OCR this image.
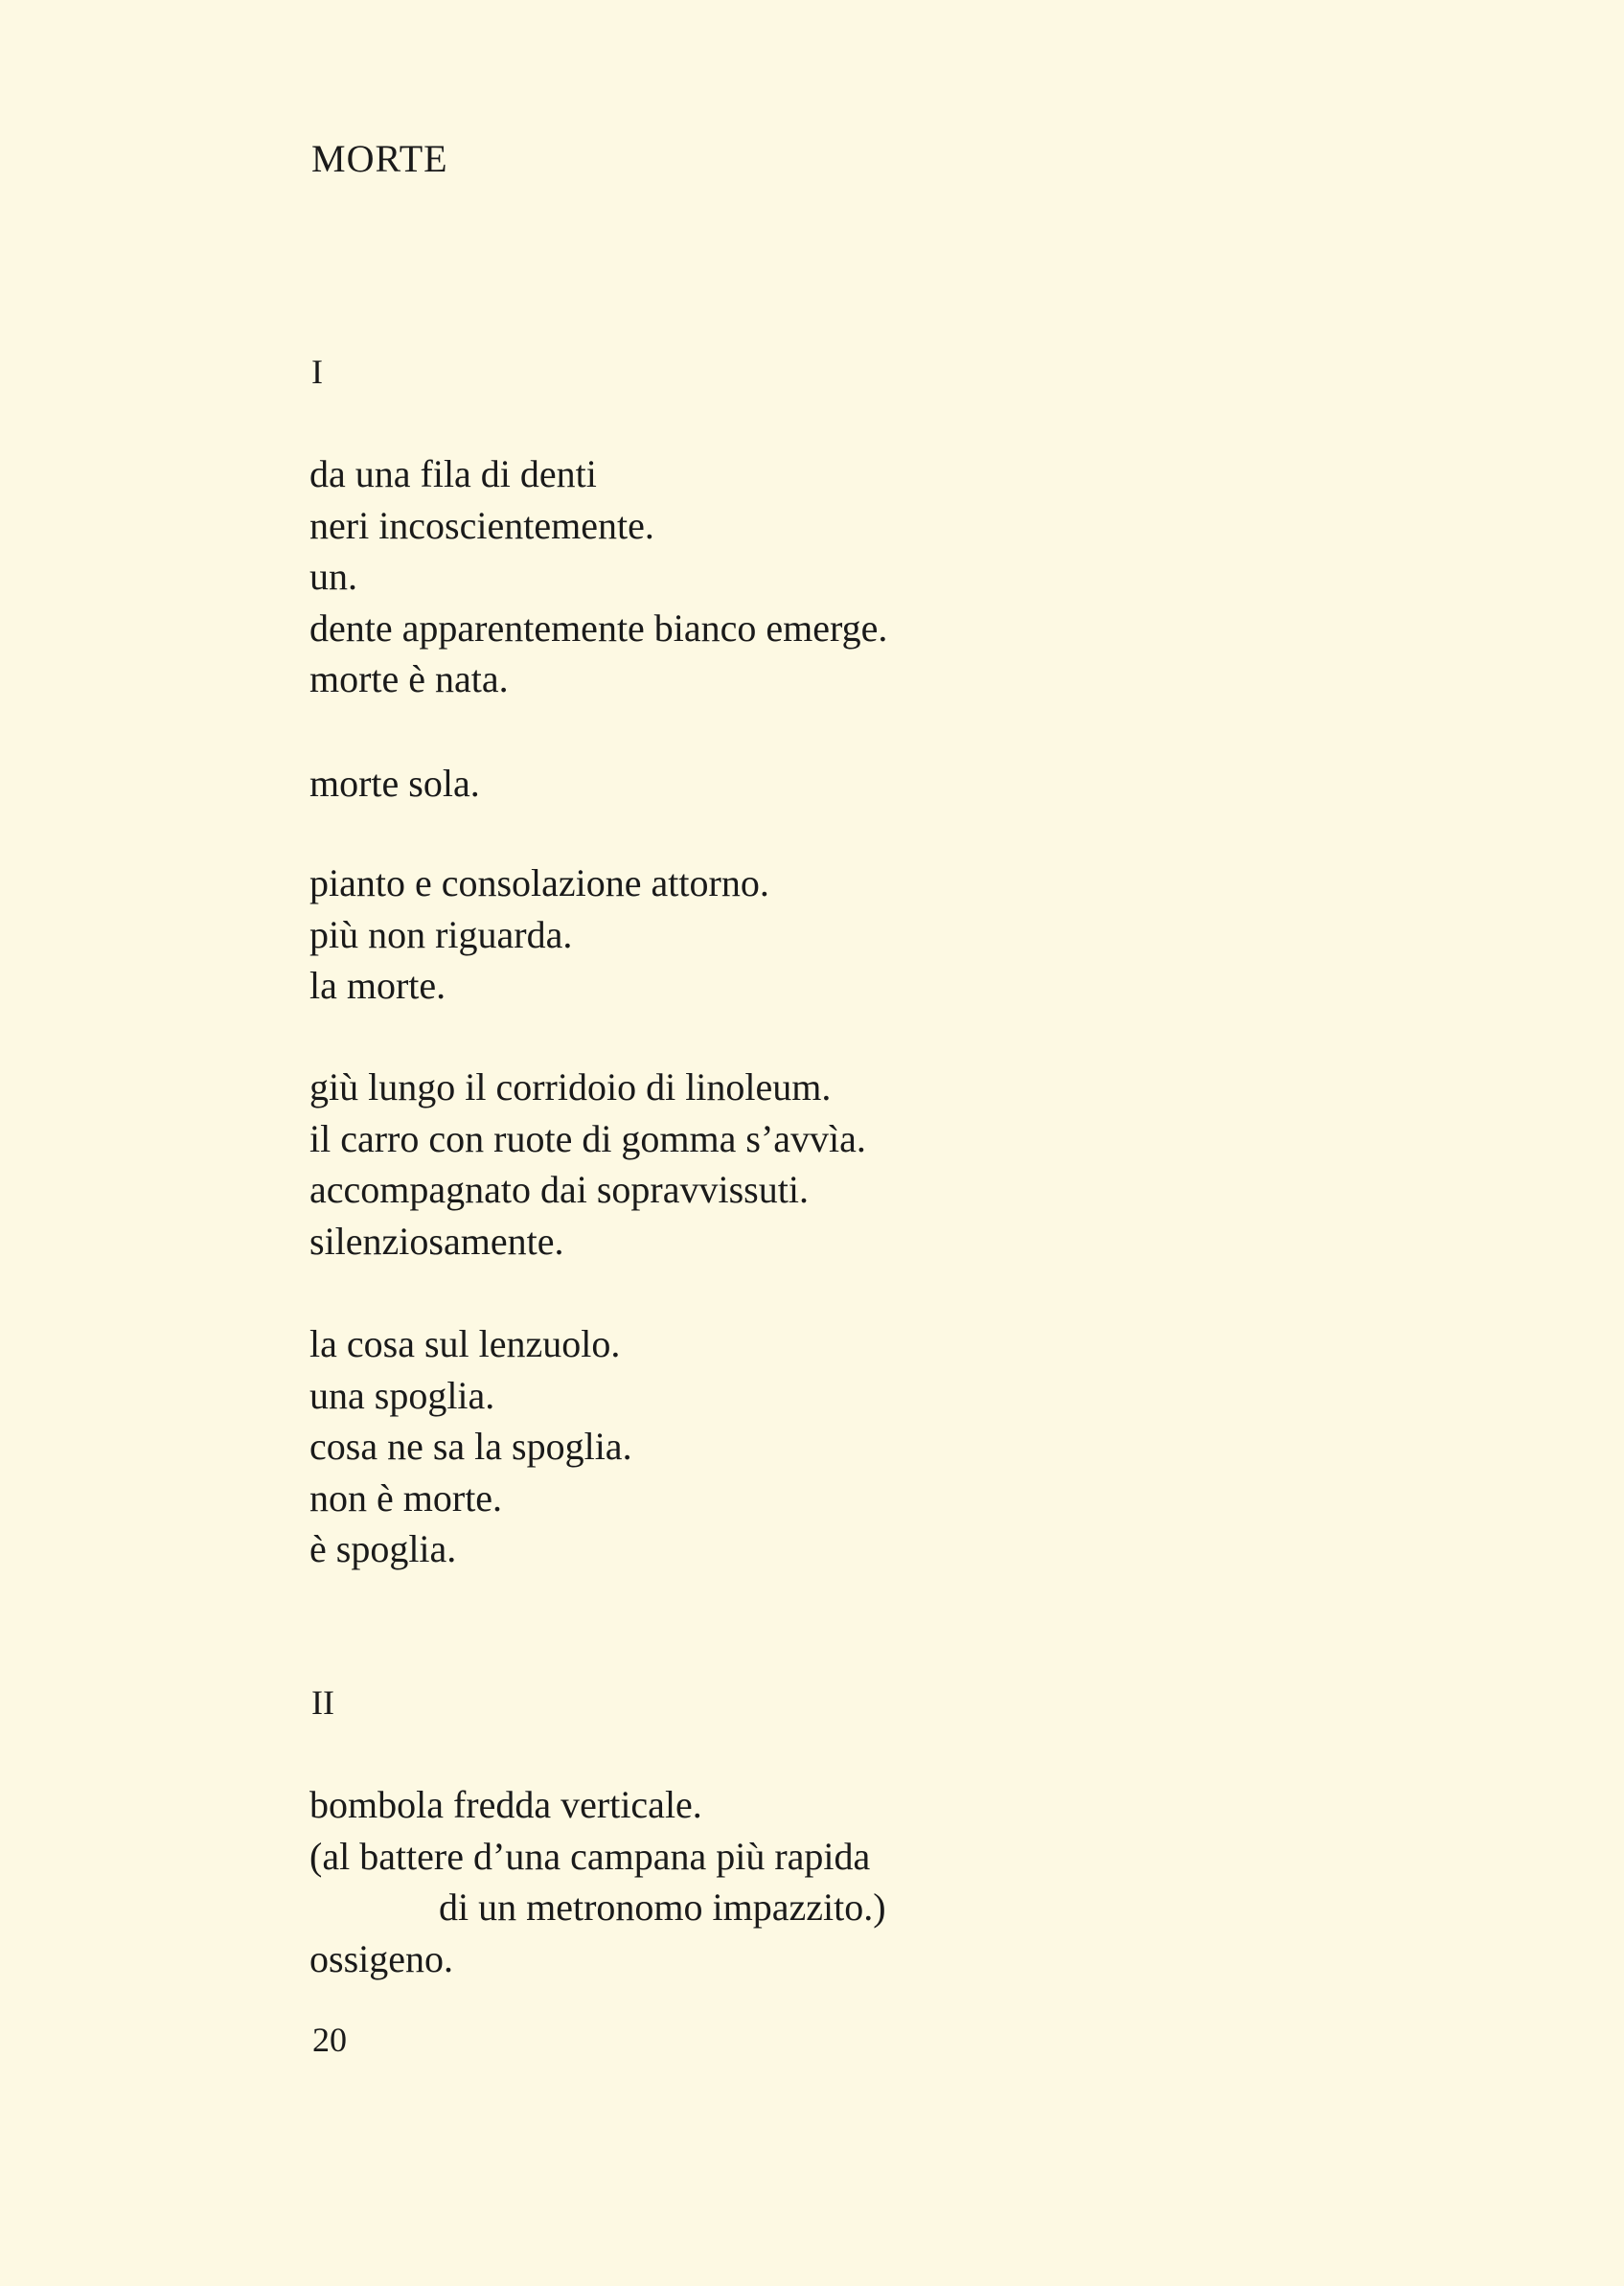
MORTE
I

da una fila di denti
neri incoscientemente.
un.
dente apparentemente bianco emerge.
morte è nata.

morte sola.

pianto e consolazione attorno.
più non riguarda.
la morte.

giù lungo il corridoio di linoleum.
il carro con ruote di gomma s’avvìa.
accompagnato dai sopravvissuti.
silenziosamente.

la cosa sul lenzuolo.
una spoglia.
cosa ne sa la spoglia.
non è morte.
è spoglia.

II

bombola fredda verticale.
(al battere d’una campana più rapida
di un metronomo impazzito.)
ossigeno.

20
